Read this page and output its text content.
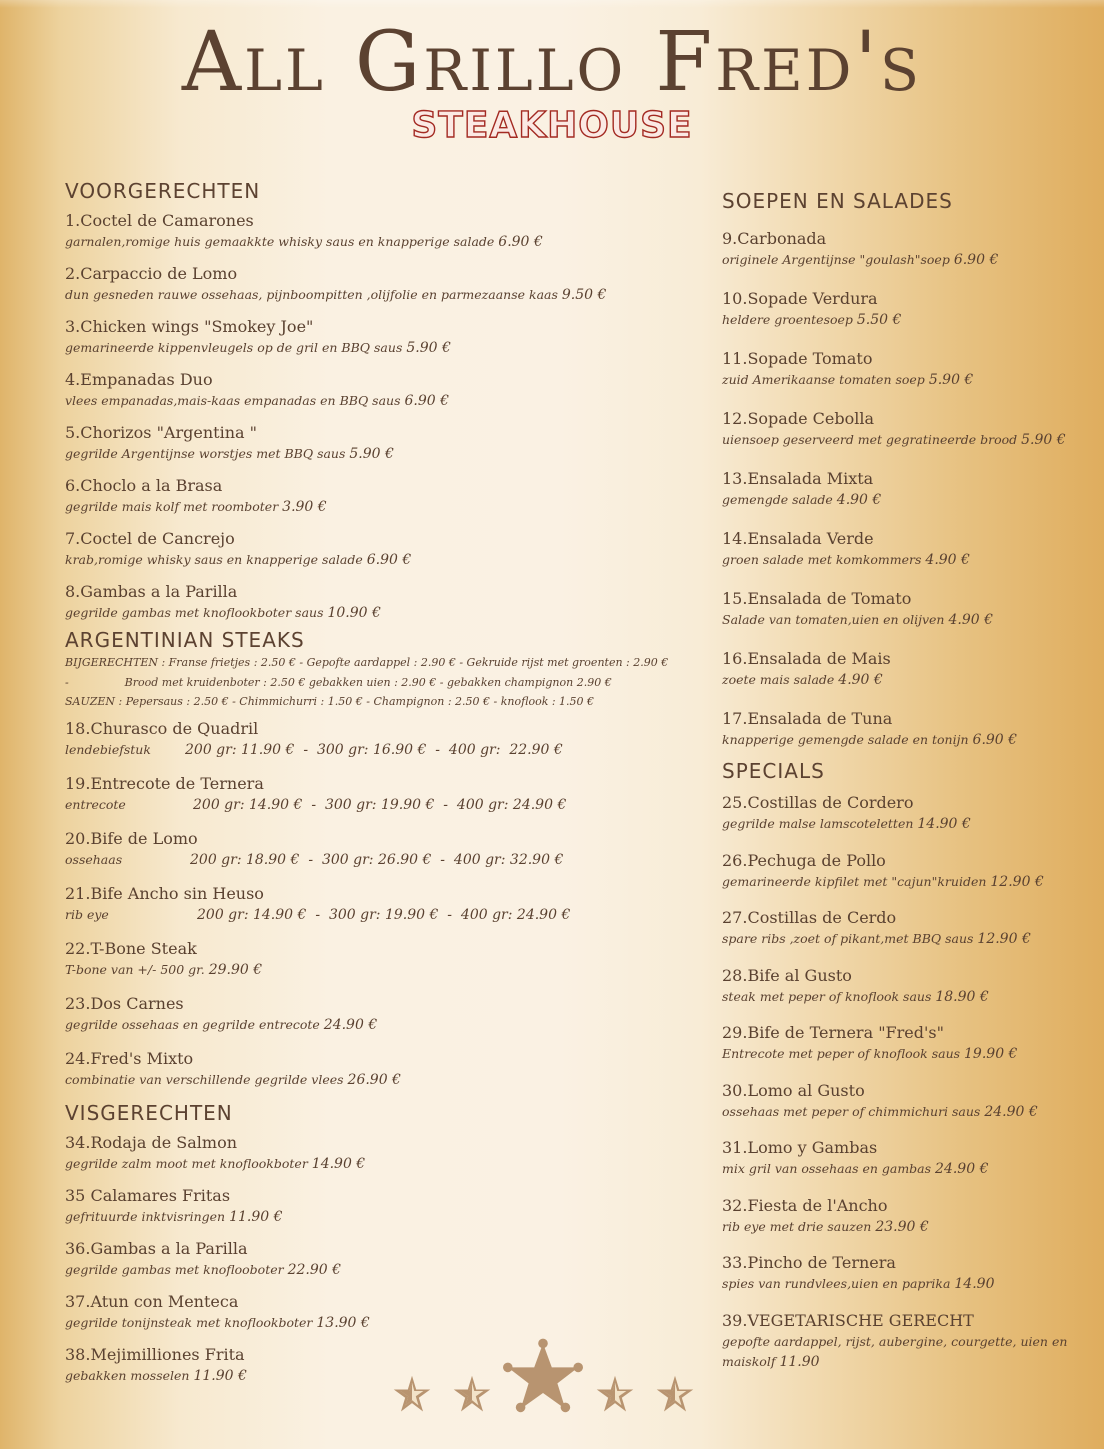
All Grillo Fred's
STEAKHOUSE
VOORGERECHTEN
1.Coctel de Camarones
garnalen,romige huis gemaakkte whisky saus en knapperige salade 6.90 €
2.Carpaccio de Lomo
dun gesneden rauwe ossehaas, pijnboompitten ,olijfolie en parmezaanse kaas 9.50 €
3.Chicken wings "Smokey Joe"
gemarineerde kippenvleugels op de gril en BBQ saus 5.90 €
4.Empanadas Duo
vlees empanadas,mais-kaas empanadas en BBQ saus 6.90 €
5.Chorizos "Argentina "
gegrilde Argentijnse worstjes met BBQ saus 5.90 €
6.Choclo a la Brasa
gegrilde mais kolf met roomboter 3.90 €
7.Coctel de Cancrejo
krab,romige whisky saus en knapperige salade 6.90 €
8.Gambas a la Parilla
gegrilde gambas met knoflookboter saus 10.90 €
ARGENTINIAN STEAKS
BIJGERECHTEN : Franse frietjes : 2.50 € - Gepofte aardappel : 2.90 € - Gekruide rijst met groenten : 2.90 €
-                Brood met kruidenboter : 2.50 € gebakken uien : 2.90 € - gebakken champignon 2.90 €
SAUZEN : Pepersaus : 2.50 € - Chimmichurri : 1.50 € - Champignon : 2.50 € - knoflook : 1.50 €
18.Churasco de Quadril
lendebiefstuk 200 gr: 11.90 €  -  300 gr: 16.90 €  -  400 gr:  22.90 €
19.Entrecote de Ternera
entrecote	200 gr: 14.90 €  -  300 gr: 19.90 €  -  400 gr: 24.90 €
20.Bife de Lomo
ossehaas	200 gr: 18.90 €  -  300 gr: 26.90 €  -  400 gr: 32.90 €
21.Bife Ancho sin Heuso
rib eye	200 gr: 14.90 €  -  300 gr: 19.90 €  -  400 gr: 24.90 €
22.T-Bone Steak
T-bone van +/- 500 gr. 29.90 €
23.Dos Carnes
gegrilde ossehaas en gegrilde entrecote 24.90 €
24.Fred's Mixto
combinatie van verschillende gegrilde vlees 26.90 €
VISGERECHTEN
34.Rodaja de Salmon
gegrilde zalm moot met knoflookboter 14.90 €
35 Calamares Fritas
gefrituurde inktvisringen 11.90 €
36.Gambas a la Parilla
gegrilde gambas met knoflooboter 22.90 €
37.Atun con Menteca
gegrilde tonijnsteak met knoflookboter 13.90 €
38.Mejimilliones Frita
gebakken mosselen 11.90 €
SOEPEN EN SALADES
9.Carbonada
originele Argentijnse "goulash"soep 6.90 €
10.Sopade Verdura
heldere groentesoep 5.50 €
11.Sopade Tomato
zuid Amerikaanse tomaten soep 5.90 €
12.Sopade Cebolla
uiensoep geserveerd met gegratineerde brood 5.90 €
13.Ensalada Mixta
gemengde salade 4.90 €
14.Ensalada Verde
groen salade met komkommers 4.90 €
15.Ensalada de Tomato
Salade van tomaten,uien en olijven 4.90 €
16.Ensalada de Mais
zoete mais salade 4.90 €
17.Ensalada de Tuna
knapperige gemengde salade en tonijn 6.90 €
SPECIALS
25.Costillas de Cordero
gegrilde malse lamscoteletten 14.90 €
26.Pechuga de Pollo
gemarineerde kipfilet met "cajun"kruiden 12.90 €
27.Costillas de Cerdo
spare ribs ,zoet of pikant,met BBQ saus 12.90 €
28.Bife al Gusto
steak met peper of knoflook saus 18.90 €
29.Bife de Ternera "Fred's"
Entrecote met peper of knoflook saus 19.90 €
30.Lomo al Gusto
ossehaas met peper of chimmichuri saus 24.90 €
31.Lomo y Gambas
mix gril van ossehaas en gambas 24.90 €
32.Fiesta de l'Ancho
rib eye met drie sauzen 23.90 €
33.Pincho de Ternera
spies van rundvlees,uien en paprika 14.90
39.VEGETARISCHE GERECHT
gepofte aardappel, rijst, aubergine, courgette, uien en maiskolf 11.90
